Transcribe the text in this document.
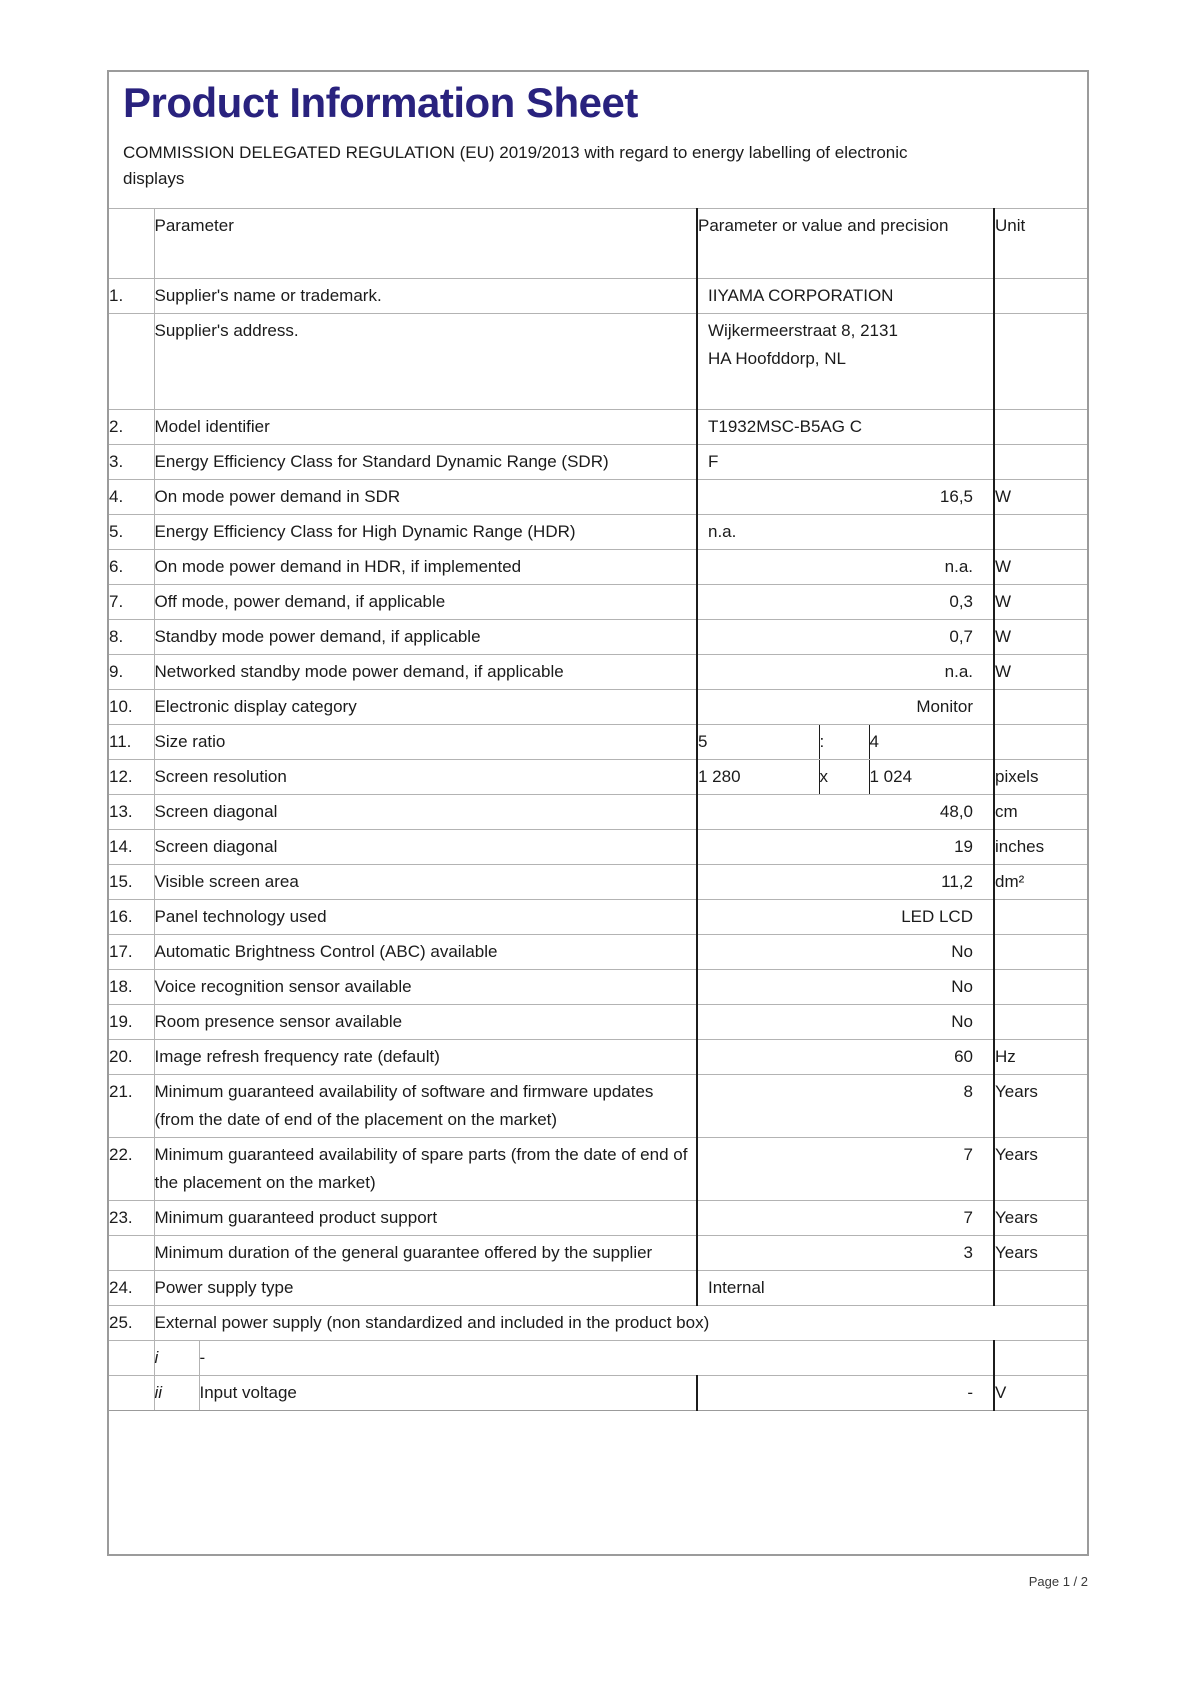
Product Information Sheet
COMMISSION DELEGATED REGULATION (EU) 2019/2013 with regard to energy labelling of electronic displays
	Parameter		Parameter or value and precision			Unit
1.	Supplier's name or trademark.		IIYAMA CORPORATION			
	Supplier's address.		Wijkermeerstraat 8, 2131 HA Hoofddorp, NL			
2.	Model identifier		T1932MSC-B5AG C			
3.	Energy Efficiency Class for Standard Dynamic Range (SDR)		F			
4.	On mode power demand in SDR		16,5			W
5.	Energy Efficiency Class for High Dynamic Range (HDR)		n.a.			
6.	On mode power demand in HDR, if implemented		n.a.			W
7.	Off mode, power demand, if applicable		0,3			W
8.	Standby mode power demand, if applicable		0,7			W
9.	Networked standby mode power demand, if applicable		n.a.			W
10.	Electronic display category		Monitor			
11.	Size ratio		5	:	4	
12.	Screen resolution		1 280	x	1 024	pixels
13.	Screen diagonal		48,0			cm
14.	Screen diagonal		19			inches
15.	Visible screen area		11,2			dm²
16.	Panel technology used		LED LCD			
17.	Automatic Brightness Control (ABC) available		No			
18.	Voice recognition sensor available		No			
19.	Room presence sensor available		No			
20.	Image refresh frequency rate (default)		60			Hz
21.	Minimum guaranteed availability of software and firmware updates (from the date of end of the placement on the market)		8			Years
22.	Minimum guaranteed availability of spare parts (from the date of end of the placement on the market)		7			Years
23.	Minimum guaranteed product support		7			Years
	Minimum duration of the general guarantee offered by the supplier		3			Years
24.	Power supply type		Internal			
25.	External power supply (non standardized and included in the product box)					
	i	-				
	ii	Input voltage	-			V
Page 1 / 2
